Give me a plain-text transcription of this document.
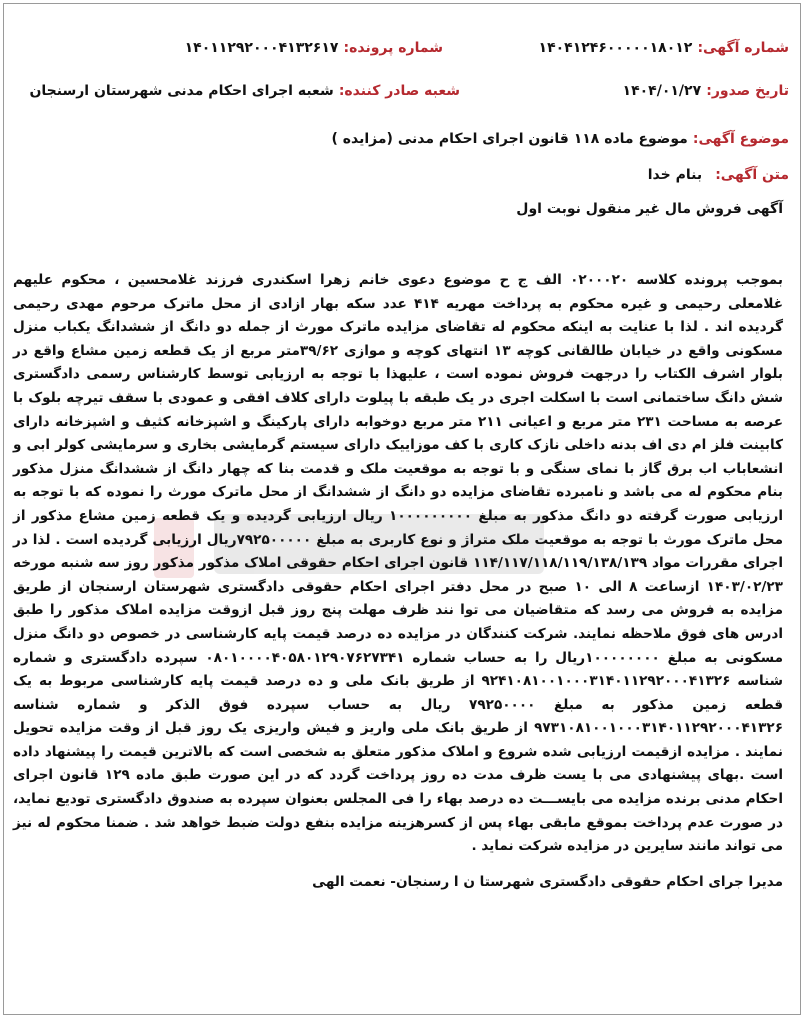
شماره آگهی: ۱۴۰۴۱۲۴۶۰۰۰۰۰۱۸۰۱۲
شماره پرونده: ۱۴۰۱۱۲۹۲۰۰۰۴۱۳۲۶۱۷
تاریخ صدور: ۱۴۰۴/۰۱/۲۷
شعبه صادر کننده: شعبه اجرای احکام مدنی شهرستان ارسنجان
موضوع آگهی: موضوع ماده ۱۱۸ قانون اجرای احکام مدنی (مزایده )
متن آگهی: بنام خدا
آگهی فروش مال غیر منقول نوبت اول

بموجب پرونده کلاسه ۰۲۰۰۰۲۰ الف ج ح موضوع دعوی خانم زهرا اسکندری فرزند غلامحسین ، محکوم علیهم غلامعلی رحیمی و غیره محکوم به پرداخت مهریه ۴۱۴ عدد سکه بهار ازادی از محل ماترک مرحوم مهدی رحیمی گردیده اند . لذا با عنایت به اینکه محکوم له تقاضای مزایده ماترک مورث از جمله دو دانگ از ششدانگ یکباب منزل مسکونی واقع در خیابان طالقانی کوچه ۱۳ انتهای کوچه و موازی ۳۹/۶۲متر مربع از یک قطعه زمین مشاع واقع در بلوار اشرف الکتاب را درجهت فروش نموده است ، علیهذا با توجه به ارزیابی توسط کارشناس رسمی دادگستری شش دانگ ساختمانی است با اسکلت اجری در یک طبقه با پیلوت دارای کلاف افقی و عمودی با سقف تیرچه بلوک با عرصه به مساحت ۲۳۱ متر مربع و اعیانی ۲۱۱ متر مربع دوخوابه دارای پارکینگ و اشپزخانه کثیف و اشپزخانه دارای کابینت فلز ام دی اف بدنه داخلی نازک کاری با کف موزاییک دارای سیستم گرمایشی بخاری و سرمایشی کولر ابی و انشعاباب اب برق گاز با نمای سنگی و با توجه به موقعیت ملک و قدمت بنا که چهار دانگ از ششدانگ منزل مذکور بنام محکوم له می باشد و نامبرده تقاضای مزایده دو دانگ از ششدانگ از محل ماترک مورث را نموده که با توجه به ارزیابی صورت گرفته دو دانگ مذکور به مبلغ ۱۰۰۰۰۰۰۰۰۰ ریال ارزیابی گردیده و یک قطعه زمین مشاع مذکور از محل ماترک مورث با توجه به موقعیت ملک متراژ و نوع کاربری به مبلغ ۷۹۲۵۰۰۰۰۰ریال ارزیابی گردیده است . لذا در اجرای مقررات مواد ۱۱۴/۱۱۷/۱۱۸/۱۱۹/۱۳۸/۱۳۹ قانون اجرای احکام حقوقی املاک مذکور مذکور روز سه شنبه مورخه ۱۴۰۳/۰۲/۲۳ ازساعت ۸ الی ۱۰ صبح در محل دفتر اجرای احکام حقوقی دادگستری شهرستان ارسنجان از طریق مزایده به فروش می رسد که متقاضیان می توا نند ظرف مهلت پنج روز قبل ازوقت مزایده املاک مذکور را طبق ادرس های فوق ملاحظه نمایند. شرکت کنندگان در مزایده ده درصد قیمت پایه کارشناسی در خصوص دو دانگ منزل مسکونی به مبلغ ۱۰۰۰۰۰۰۰۰ریال را به حساب شماره ۰۸۰۱۰۰۰۰۴۰۵۸۰۱۲۹۰۷۶۲۷۳۴۱ سپرده دادگستری و شماره شناسه ۹۲۴۱۰۸۱۰۰۱۰۰۰۳۱۴۰۱۱۲۹۲۰۰۰۴۱۳۲۶ از طریق بانک ملی و ده درصد قیمت پایه کارشناسی مربوط به یک قطعه زمین مذکور به مبلغ ۷۹۲۵۰۰۰۰ ریال به حساب سپرده فوق الذکر و شماره شناسه ۹۷۳۱۰۸۱۰۰۱۰۰۰۳۱۴۰۱۱۲۹۲۰۰۰۴۱۳۲۶ از طریق بانک ملی واریز و فیش واریزی یک روز قبل از وقت مزایده تحویل نمایند . مزایده ازقیمت ارزیابی شده شروع و املاک مذکور متعلق به شخصی است که بالاترین قیمت را پیشنهاد داده است .بهای پیشنهادی می با یست ظرف مدت ده روز پرداخت گردد که در این صورت طبق ماده ۱۲۹ قانون اجرای احکام مدنی برنده مزایده می بایســـت ده درصد بهاء را فی المجلس بعنوان سپرده به صندوق دادگستری تودیع نماید، در صورت عدم پرداخت بموقع مابقی بهاء پس از کسرهزینه مزایده بنفع دولت ضبط خواهد شد . ضمنا محکوم له نیز می تواند مانند سایرین در مزایده شرکت نماید .

مدیرا جرای احکام حقوقی دادگستری شهرستا ن ا رسنجان- نعمت الهی
